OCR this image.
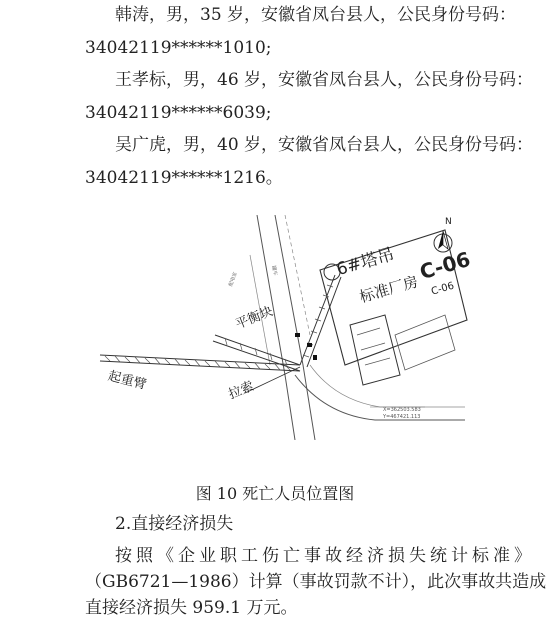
韩涛，男，35 岁，安徽省凤台县人，公民身份号码：
34042119******1010;
王孝标，男，46 岁，安徽省凤台县人，公民身份号码：
34042119******6039;
吴广虎，男，40 岁，安徽省凤台县人，公民身份号码：
34042119******1216。
N
6#塔吊
标准厂房
C-06
C-06
平衡块
起重臂	拉索
X=362503.583
Y=467421.113
配电室
罐车
图 10 死亡人员位置图
2.直接经济损失
按照《企业职工伤亡事故经济损失统计标准》
（GB6721—1986）计算（事故罚款不计），此次事故共造成
直接经济损失 959.1 万元。
